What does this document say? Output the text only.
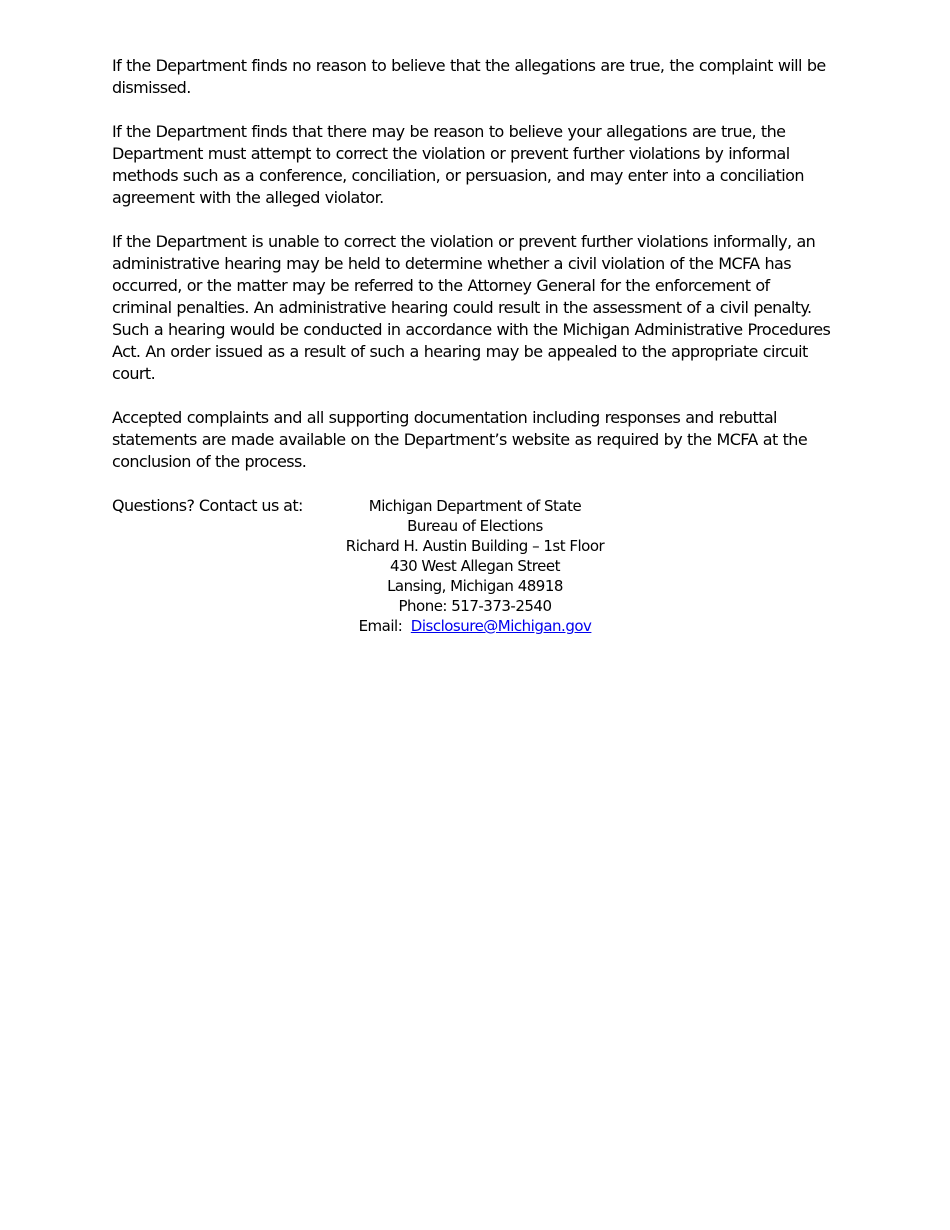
If the Department finds no reason to believe that the allegations are true, the complaint will be dismissed.

If the Department finds that there may be reason to believe your allegations are true, the Department must attempt to correct the violation or prevent further violations by informal methods such as a conference, conciliation, or persuasion, and may enter into a conciliation agreement with the alleged violator.

If the Department is unable to correct the violation or prevent further violations informally, an administrative hearing may be held to determine whether a civil violation of the MCFA has occurred, or the matter may be referred to the Attorney General for the enforcement of criminal penalties. An administrative hearing could result in the assessment of a civil penalty. Such a hearing would be conducted in accordance with the Michigan Administrative Procedures Act. An order issued as a result of such a hearing may be appealed to the appropriate circuit court.

Accepted complaints and all supporting documentation including responses and rebuttal statements are made available on the Department’s website as required by the MCFA at the conclusion of the process.

Questions? Contact us at:	Michigan Department of State
Bureau of Elections
Richard H. Austin Building – 1st Floor
430 West Allegan Street
Lansing, Michigan 48918
Phone: 517-373-2540
Email: Disclosure@Michigan.gov
